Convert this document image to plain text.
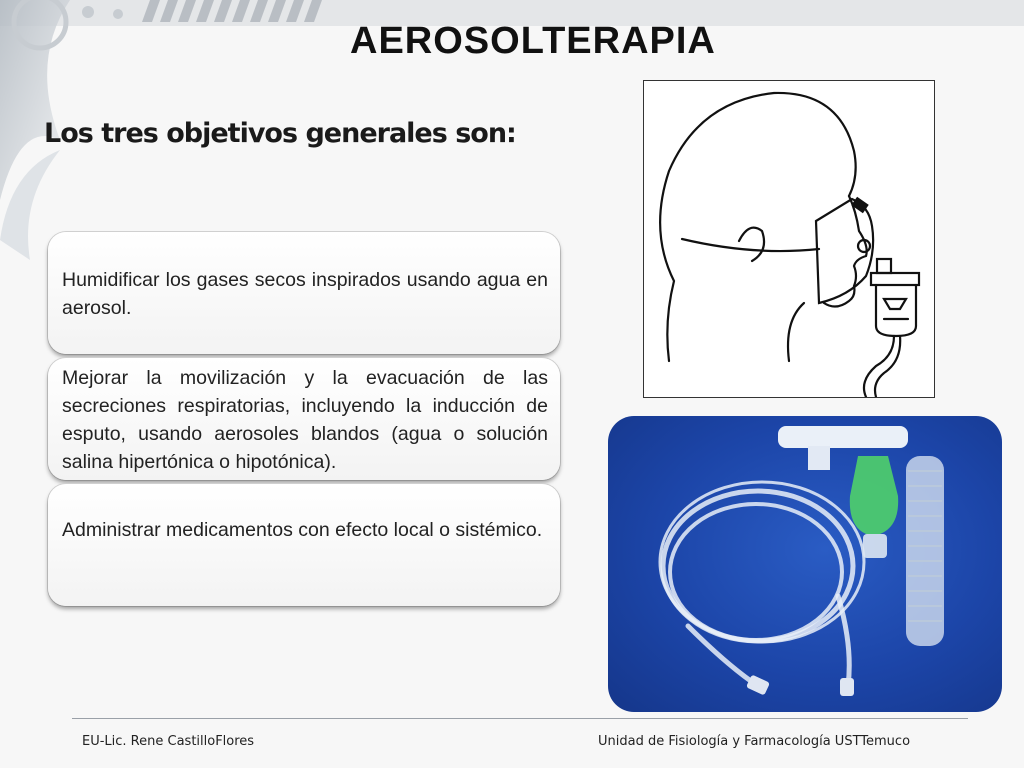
AEROSOLTERAPIA
Los tres objetivos generales son:
Humidificar los gases secos inspirados usando agua en aerosol.
Mejorar la movilización y la evacuación de las secreciones respiratorias, incluyendo la inducción de esputo, usando aerosoles blandos (agua o solución salina hipertónica o hipotónica).
Administrar medicamentos con efecto local o sistémico.
EU-Lic. Rene CastilloFlores	Unidad de Fisiología y Farmacología USTTemuco
